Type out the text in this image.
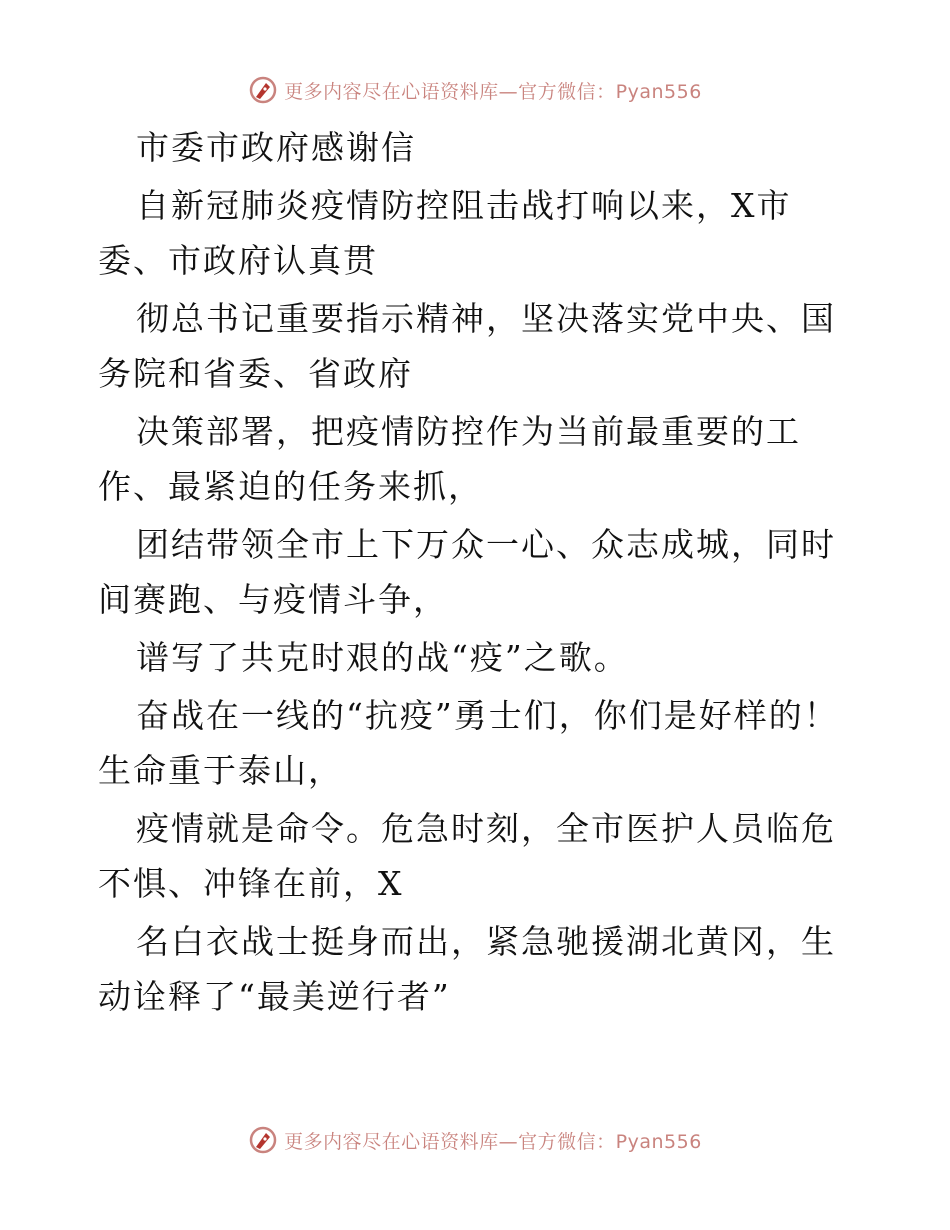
更多内容尽在心语资料库—官方微信：Pyan556

市委市政府感谢信

自新冠肺炎疫情防控阻击战打响以来，X市委、市政府认真贯

彻总书记重要指示精神，坚决落实党中央、国务院和省委、省政府

决策部署，把疫情防控作为当前最重要的工作、最紧迫的任务来抓，

团结带领全市上下万众一心、众志成城，同时间赛跑、与疫情斗争，

谱写了共克时艰的战“疫”之歌。

奋战在一线的“抗疫”勇士们，你们是好样的！生命重于泰山，

疫情就是命令。危急时刻，全市医护人员临危不惧、冲锋在前，X

名白衣战士挺身而出，紧急驰援湖北黄冈，生动诠释了“最美逆行者”

更多内容尽在心语资料库—官方微信：Pyan556
